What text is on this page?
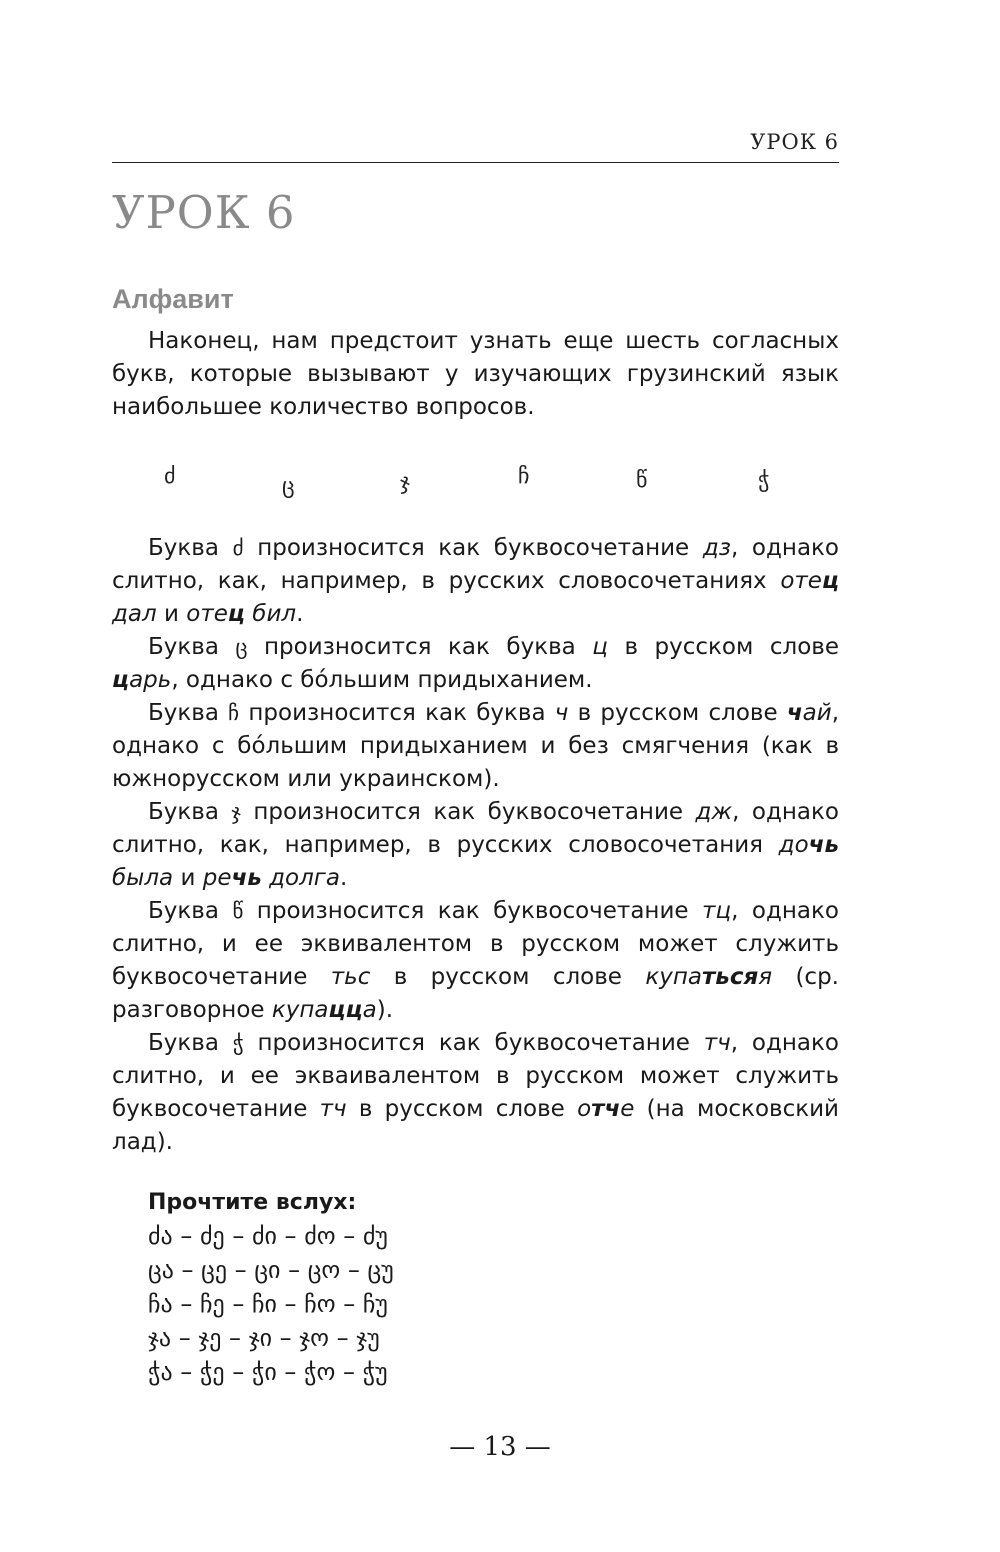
УРОК 6
УРОК 6
Алфавит

Наконец, нам предстоит узнать еще шесть согласных букв, которые вызывают у изучающих грузинский язык наибольшее количество вопросов.

ძ	ც	ჯ	ჩ	წ	ჭ

Буква ძ произносится как буквосочетание дз, однако слитно, как, например, в русских словосочетаниях отец дал и отец бил.

Буква ც произносится как буква ц в русском слове царь, однако с бóльшим придыханием.

Буква ჩ произносится как буква ч в русском слове чай, однако с бóльшим придыханием и без смягчения (как в южнорусском или украинском).

Буква ჯ произносится как буквосочетание дж, однако слитно, как, например, в русских словосочетания дочь была и речь долга.

Буква წ произносится как буквосочетание тц, однако слитно, и ее эквивалентом в русском может служить буквосочетание тьс в русском слове купатьсяя (ср. разговорное купацца).

Буква ჭ произносится как буквосочетание тч, однако слитно, и ее экваивалентом в русском может служить буквосочетание тч в русском слове отче (на московский лад).

Прочтите вслух:
ძა – ძე – ძი – ძო – ძუ
ცა – ცე – ცი – ცო – ცუ
ჩა – ჩე – ჩი – ჩო – ჩუ
ჯა – ჯე – ჯი – ჯო – ჯუ
ჭა – ჭე – ჭი – ჭო – ჭუ
— 13 —
